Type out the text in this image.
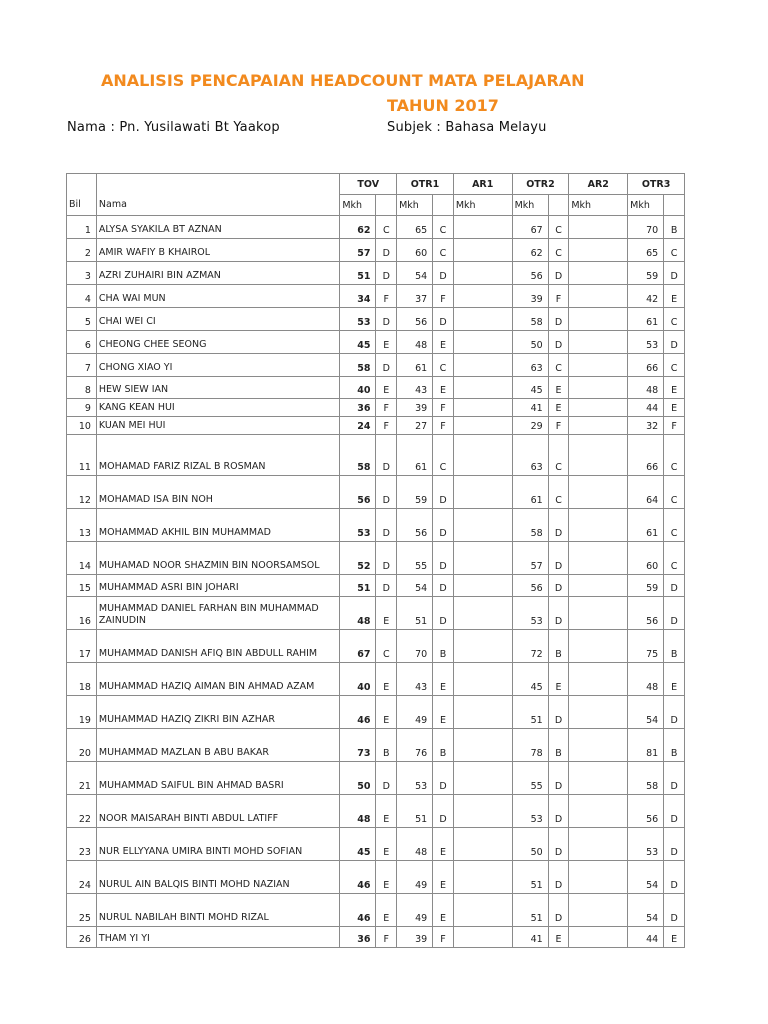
ANALISIS PENCAPAIAN HEADCOUNT MATA PELAJARAN
TAHUN 2017
Nama : Pn. Yusilawati Bt Yaakop	Subjek : Bahasa Melayu
		TOV		OTR1		AR1	OTR2		AR2	OTR3	
Bil	Nama	Mkh		Mkh		Mkh	Mkh		Mkh	Mkh	
1	ALYSA SYAKILA BT AZNAN	62	C	65	C		67	C		70	B
2	AMIR WAFIY B KHAIROL	57	D	60	C		62	C		65	C
3	AZRI ZUHAIRI BIN AZMAN	51	D	54	D		56	D		59	D
4	CHA WAI MUN	34	F	37	F		39	F		42	E
5	CHAI WEI CI	53	D	56	D		58	D		61	C
6	CHEONG CHEE SEONG	45	E	48	E		50	D		53	D
7	CHONG XIAO YI	58	D	61	C		63	C		66	C
8	HEW SIEW IAN	40	E	43	E		45	E		48	E
9	KANG KEAN HUI	36	F	39	F		41	E		44	E
10	KUAN MEI HUI	24	F	27	F		29	F		32	F
11	MOHAMAD FARIZ RIZAL B ROSMAN	58	D	61	C		63	C		66	C
12	MOHAMAD ISA BIN NOH	56	D	59	D		61	C		64	C
13	MOHAMMAD AKHIL BIN MUHAMMAD	53	D	56	D		58	D		61	C
14	MUHAMAD NOOR SHAZMIN BIN NOORSAMSOL	52	D	55	D		57	D		60	C
15	MUHAMMAD ASRI BIN JOHARI	51	D	54	D		56	D		59	D
16	MUHAMMAD DANIEL FARHAN BIN MUHAMMAD ZAINUDIN	48	E	51	D		53	D		56	D
17	MUHAMMAD DANISH AFIQ BIN ABDULL RAHIM	67	C	70	B		72	B		75	B
18	MUHAMMAD HAZIQ AIMAN BIN AHMAD AZAM	40	E	43	E		45	E		48	E
19	MUHAMMAD HAZIQ ZIKRI BIN AZHAR	46	E	49	E		51	D		54	D
20	MUHAMMAD MAZLAN B ABU BAKAR	73	B	76	B		78	B		81	B
21	MUHAMMAD SAIFUL BIN AHMAD BASRI	50	D	53	D		55	D		58	D
22	NOOR MAISARAH BINTI ABDUL LATIFF	48	E	51	D		53	D		56	D
23	NUR ELLYYANA UMIRA BINTI MOHD SOFIAN	45	E	48	E		50	D		53	D
24	NURUL AIN BALQIS BINTI MOHD NAZIAN	46	E	49	E		51	D		54	D
25	NURUL NABILAH BINTI MOHD RIZAL	46	E	49	E		51	D		54	D
26	THAM YI YI	36	F	39	F		41	E		44	E
